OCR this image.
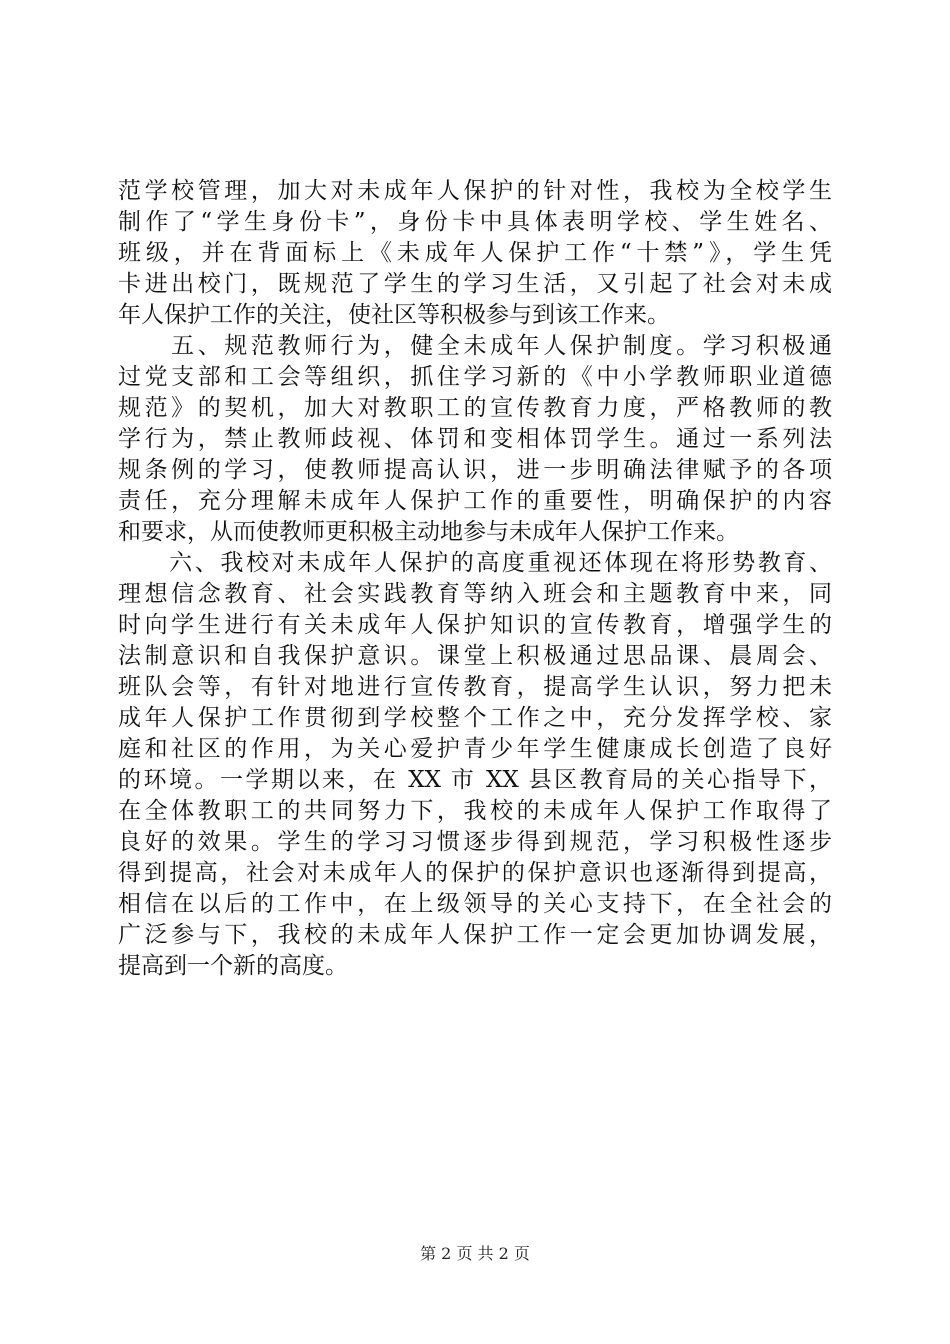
范学校管理，加大对未成年人保护的针对性，我校为全校学生
制作了“学生身份卡”，身份卡中具体表明学校、学生姓名、
班级，并在背面标上《未成年人保护工作“十禁”》，学生凭
卡进出校门，既规范了学生的学习生活，又引起了社会对未成
年人保护工作的关注，使社区等积极参与到该工作来。
　　五、规范教师行为，健全未成年人保护制度。学习积极通
过党支部和工会等组织，抓住学习新的《中小学教师职业道德
规范》的契机，加大对教职工的宣传教育力度，严格教师的教
学行为，禁止教师歧视、体罚和变相体罚学生。通过一系列法
规条例的学习，使教师提高认识，进一步明确法律赋予的各项
责任，充分理解未成年人保护工作的重要性，明确保护的内容
和要求，从而使教师更积极主动地参与未成年人保护工作来。
　　六、我校对未成年人保护的高度重视还体现在将形势教育、
理想信念教育、社会实践教育等纳入班会和主题教育中来，同
时向学生进行有关未成年人保护知识的宣传教育，增强学生的
法制意识和自我保护意识。课堂上积极通过思品课、晨周会、
班队会等，有针对地进行宣传教育，提高学生认识，努力把未
成年人保护工作贯彻到学校整个工作之中，充分发挥学校、家
庭和社区的作用，为关心爱护青少年学生健康成长创造了良好
的环境。一学期以来，在 XX 市 XX 县区教育局的关心指导下，
在全体教职工的共同努力下，我校的未成年人保护工作取得了
良好的效果。学生的学习习惯逐步得到规范，学习积极性逐步
得到提高，社会对未成年人的保护的保护意识也逐渐得到提高，
相信在以后的工作中，在上级领导的关心支持下，在全社会的
广泛参与下，我校的未成年人保护工作一定会更加协调发展，
提高到一个新的高度。
第 2 页 共 2 页
